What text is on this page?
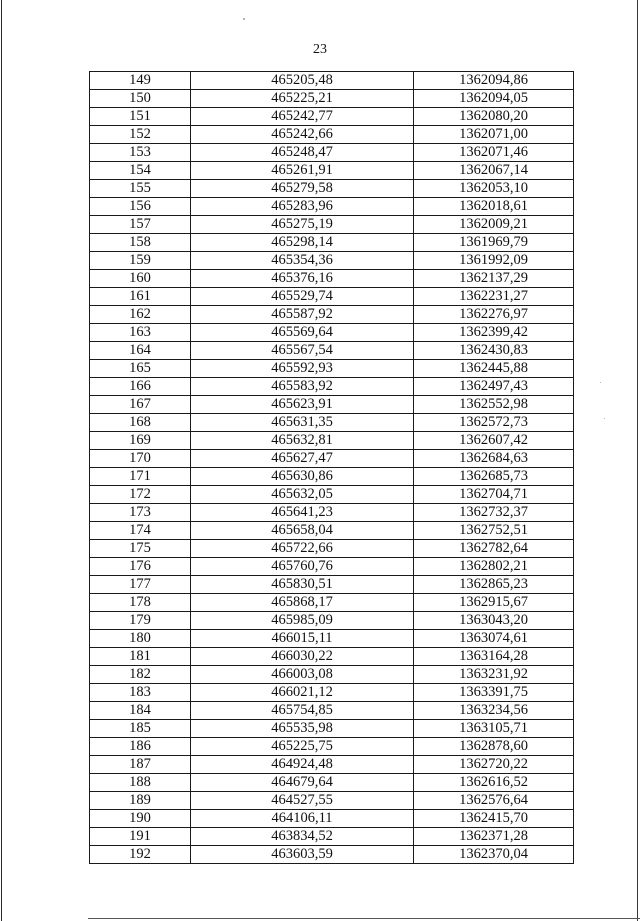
23
149	465205,48	1362094,86
150	465225,21	1362094,05
151	465242,77	1362080,20
152	465242,66	1362071,00
153	465248,47	1362071,46
154	465261,91	1362067,14
155	465279,58	1362053,10
156	465283,96	1362018,61
157	465275,19	1362009,21
158	465298,14	1361969,79
159	465354,36	1361992,09
160	465376,16	1362137,29
161	465529,74	1362231,27
162	465587,92	1362276,97
163	465569,64	1362399,42
164	465567,54	1362430,83
165	465592,93	1362445,88
166	465583,92	1362497,43
167	465623,91	1362552,98
168	465631,35	1362572,73
169	465632,81	1362607,42
170	465627,47	1362684,63
171	465630,86	1362685,73
172	465632,05	1362704,71
173	465641,23	1362732,37
174	465658,04	1362752,51
175	465722,66	1362782,64
176	465760,76	1362802,21
177	465830,51	1362865,23
178	465868,17	1362915,67
179	465985,09	1363043,20
180	466015,11	1363074,61
181	466030,22	1363164,28
182	466003,08	1363231,92
183	466021,12	1363391,75
184	465754,85	1363234,56
185	465535,98	1363105,71
186	465225,75	1362878,60
187	464924,48	1362720,22
188	464679,64	1362616,52
189	464527,55	1362576,64
190	464106,11	1362415,70
191	463834,52	1362371,28
192	463603,59	1362370,04
